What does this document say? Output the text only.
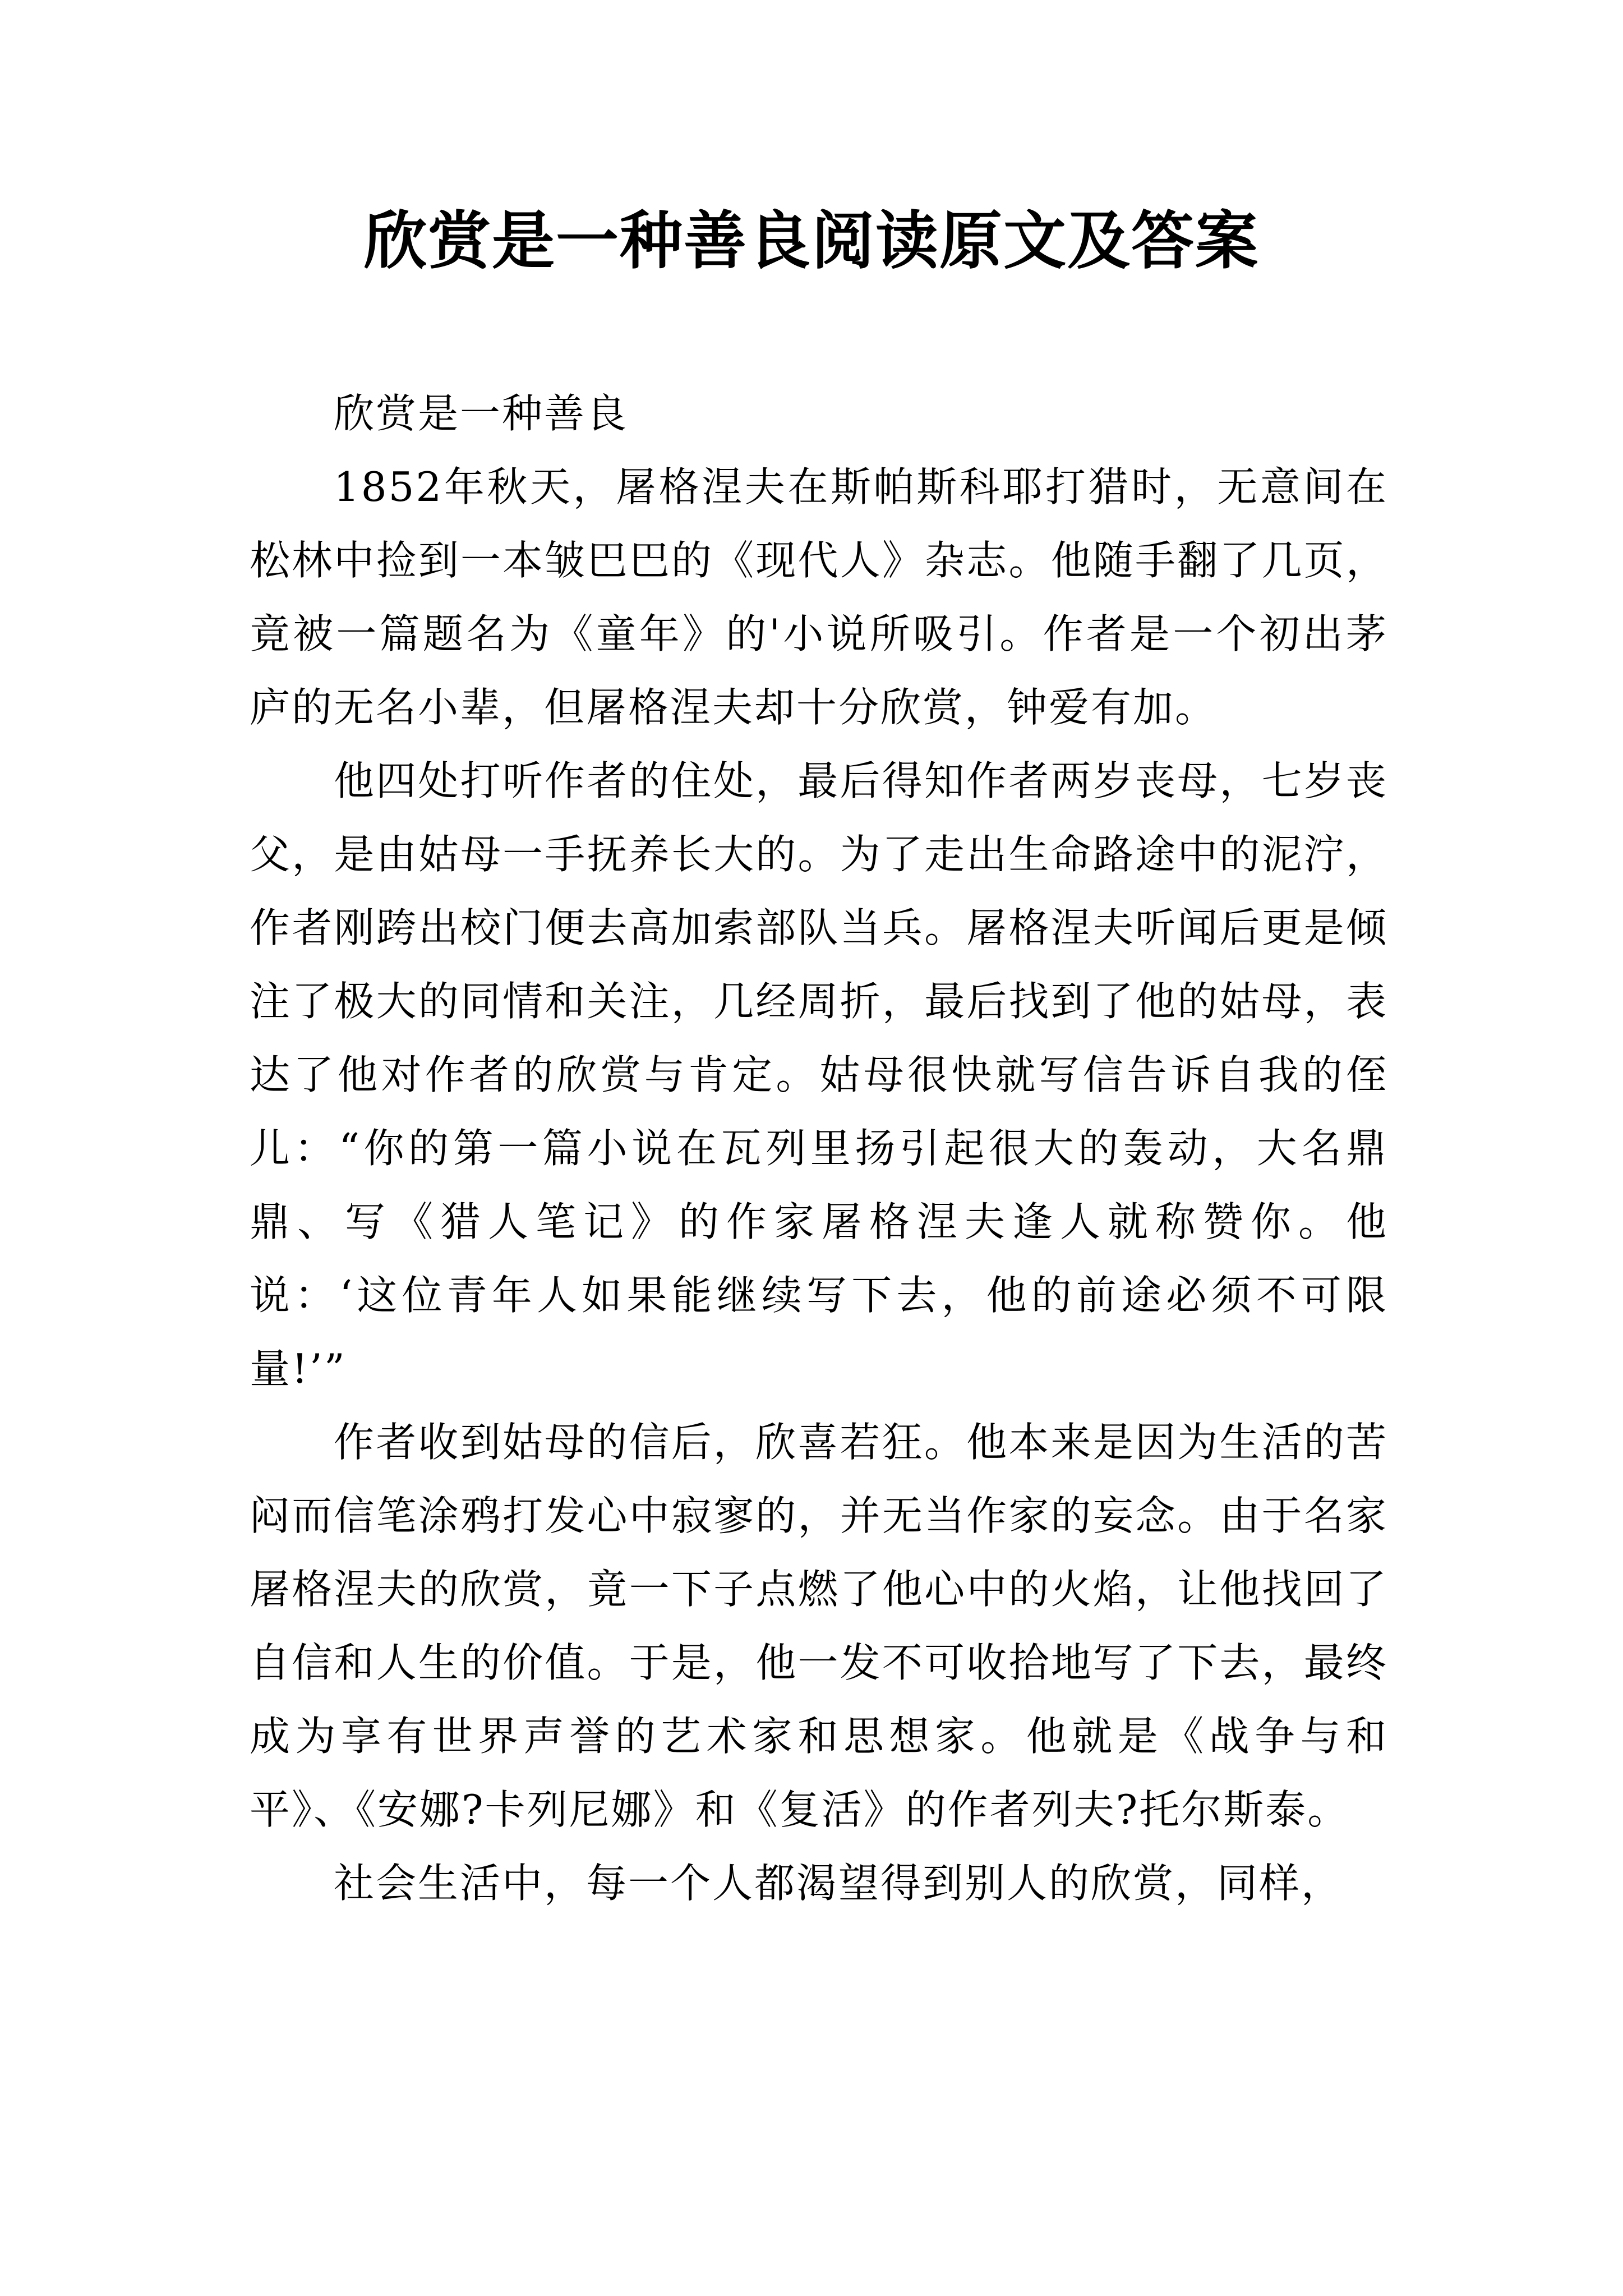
欣赏是一种善良阅读原文及答案

欣赏是一种善良

1852年秋天，屠格涅夫在斯帕斯科耶打猎时，无意间在松林中捡到一本皱巴巴的《现代人》杂志。他随手翻了几页，竟被一篇题名为《童年》的'小说所吸引。作者是一个初出茅庐的无名小辈，但屠格涅夫却十分欣赏，钟爱有加。

他四处打听作者的住处，最后得知作者两岁丧母，七岁丧父，是由姑母一手抚养长大的。为了走出生命路途中的泥泞，作者刚跨出校门便去高加索部队当兵。屠格涅夫听闻后更是倾注了极大的同情和关注，几经周折，最后找到了他的姑母，表达了他对作者的欣赏与肯定。姑母很快就写信告诉自我的侄儿：“你的第一篇小说在瓦列里扬引起很大的轰动，大名鼎鼎、写《猎人笔记》的作家屠格涅夫逢人就称赞你。他说：‘这位青年人如果能继续写下去，他的前途必须不可限量!’”

作者收到姑母的信后，欣喜若狂。他本来是因为生活的苦闷而信笔涂鸦打发心中寂寥的，并无当作家的妄念。由于名家屠格涅夫的欣赏，竟一下子点燃了他心中的火焰，让他找回了自信和人生的价值。于是，他一发不可收拾地写了下去，最终成为享有世界声誉的艺术家和思想家。他就是《战争与和平》、《安娜?卡列尼娜》和《复活》的作者列夫?托尔斯泰。

社会生活中，每一个人都渴望得到别人的欣赏，同样，
